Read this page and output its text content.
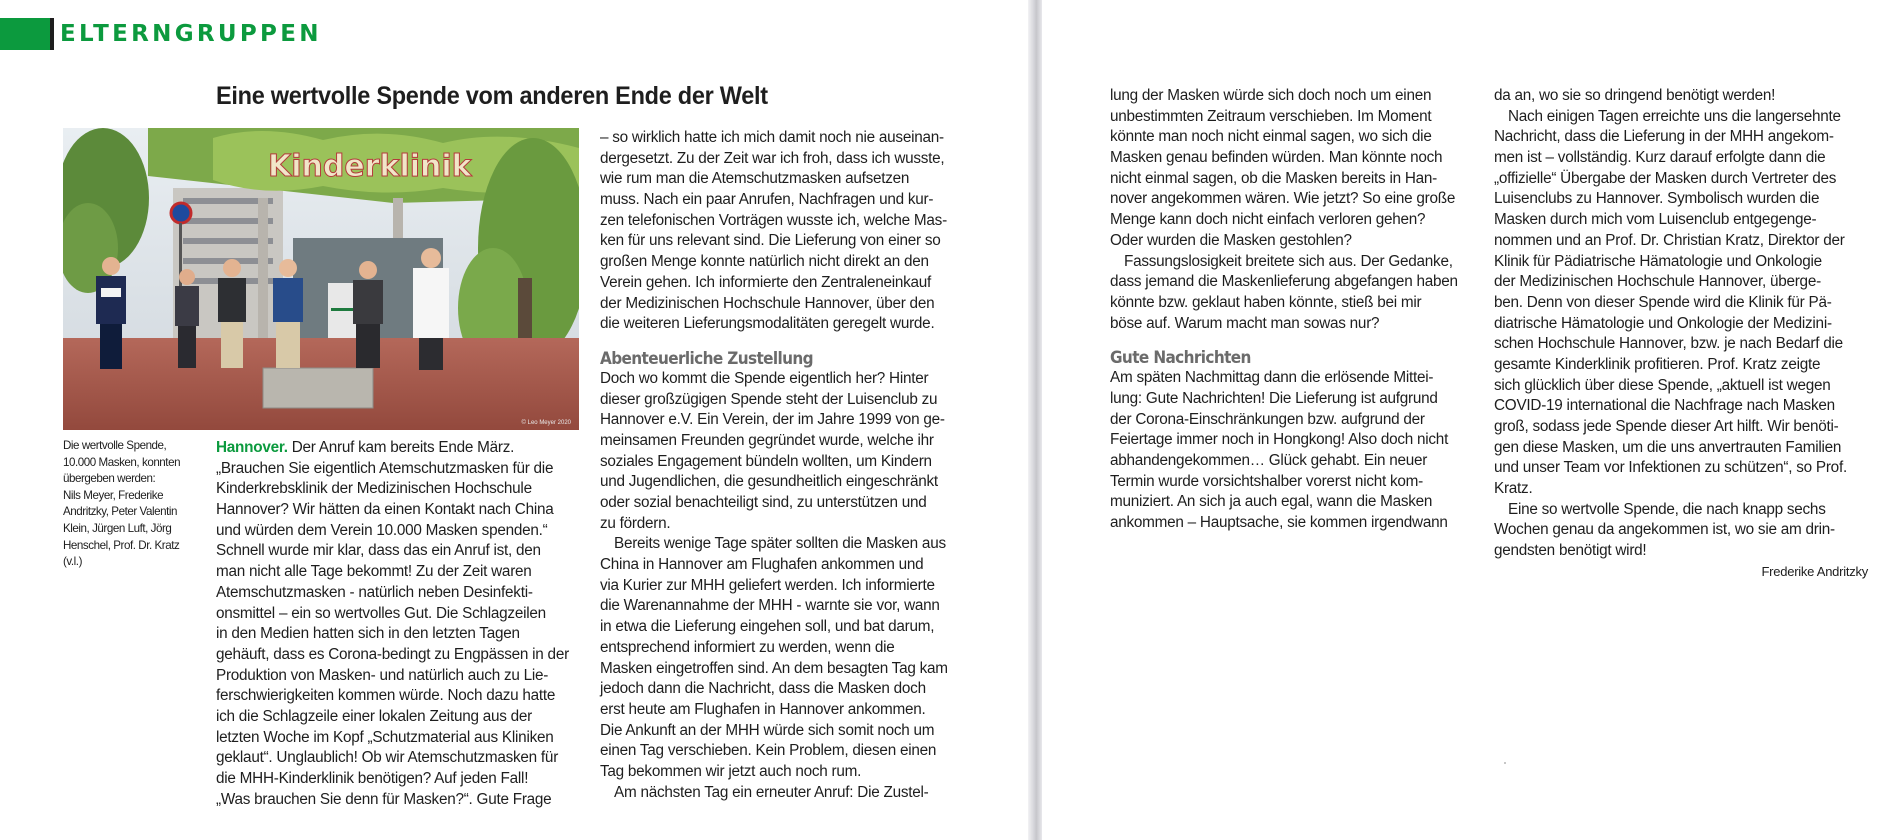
ELTERNGRUPPEN
Eine wertvolle Spende vom anderen Ende der Welt
Kinderklinik
© Leo Meyer 2020
Die wertvolle Spende,
10.000 Masken, konnten
übergeben werden:
Nils Meyer, Frederike
Andritzky, Peter Valentin
Klein, Jürgen Luft, Jörg
Henschel, Prof. Dr. Kratz
(v.l.)
Hannover. Der Anruf kam bereits Ende März.
„Brauchen Sie eigentlich Atemschutzmasken für die
Kinderkrebsklinik der Medizinischen Hochschule
Hannover? Wir hätten da einen Kontakt nach China
und würden dem Verein 10.000 Masken spenden.“
Schnell wurde mir klar, dass das ein Anruf ist, den
man nicht alle Tage bekommt! Zu der Zeit waren
Atemschutzmasken - natürlich neben Desinfekti-
onsmittel – ein so wertvolles Gut. Die Schlagzeilen
in den Medien hatten sich in den letzten Tagen
gehäuft, dass es Corona-bedingt zu Engpässen in der
Produktion von Masken- und natürlich auch zu Lie-
ferschwierigkeiten kommen würde. Noch dazu hatte
ich die Schlagzeile einer lokalen Zeitung aus der
letzten Woche im Kopf „Schutzmaterial aus Kliniken
geklaut“. Unglaublich! Ob wir Atemschutzmasken für
die MHH-Kinderklinik benötigen? Auf jeden Fall!
„Was brauchen Sie denn für Masken?“. Gute Frage
– so wirklich hatte ich mich damit noch nie auseinan-
dergesetzt. Zu der Zeit war ich froh, dass ich wusste,
wie rum man die Atemschutzmasken aufsetzen
muss. Nach ein paar Anrufen, Nachfragen und kur-
zen telefonischen Vorträgen wusste ich, welche Mas-
ken für uns relevant sind. Die Lieferung von einer so
großen Menge konnte natürlich nicht direkt an den
Verein gehen. Ich informierte den Zentraleneinkauf
der Medizinischen Hochschule Hannover, über den
die weiteren Lieferungsmodalitäten geregelt wurde.
Abenteuerliche Zustellung
Doch wo kommt die Spende eigentlich her? Hinter
dieser großzügigen Spende steht der Luisenclub zu
Hannover e.V. Ein Verein, der im Jahre 1999 von ge-
meinsamen Freunden gegründet wurde, welche ihr
soziales Engagement bündeln wollten, um Kindern
und Jugendlichen, die gesundheitlich eingeschränkt
oder sozial benachteiligt sind, zu unterstützen und
zu fördern.
Bereits wenige Tage später sollten die Masken aus
China in Hannover am Flughafen ankommen und
via Kurier zur MHH geliefert werden. Ich informierte
die Warenannahme der MHH - warnte sie vor, wann
in etwa die Lieferung eingehen soll, und bat darum,
entsprechend informiert zu werden, wenn die
Masken eingetroffen sind. An dem besagten Tag kam
jedoch dann die Nachricht, dass die Masken doch
erst heute am Flughafen in Hannover ankommen.
Die Ankunft an der MHH würde sich somit noch um
einen Tag verschieben. Kein Problem, diesen einen
Tag bekommen wir jetzt auch noch rum.
Am nächsten Tag ein erneuter Anruf: Die Zustel-
lung der Masken würde sich doch noch um einen
unbestimmten Zeitraum verschieben. Im Moment
könnte man noch nicht einmal sagen, wo sich die
Masken genau befinden würden. Man könnte noch
nicht einmal sagen, ob die Masken bereits in Han-
nover angekommen wären. Wie jetzt? So eine große
Menge kann doch nicht einfach verloren gehen?
Oder wurden die Masken gestohlen?
Fassungslosigkeit breitete sich aus. Der Gedanke,
dass jemand die Maskenlieferung abgefangen haben
könnte bzw. geklaut haben könnte, stieß bei mir
böse auf. Warum macht man sowas nur?
Gute Nachrichten
Am späten Nachmittag dann die erlösende Mittei-
lung: Gute Nachrichten! Die Lieferung ist aufgrund
der Corona-Einschränkungen bzw. aufgrund der
Feiertage immer noch in Hongkong! Also doch nicht
abhandengekommen… Glück gehabt. Ein neuer
Termin wurde vorsichtshalber vorerst nicht kom-
muniziert. An sich ja auch egal, wann die Masken
ankommen – Hauptsache, sie kommen irgendwann
da an, wo sie so dringend benötigt werden!
Nach einigen Tagen erreichte uns die langersehnte
Nachricht, dass die Lieferung in der MHH angekom-
men ist – vollständig. Kurz darauf erfolgte dann die
„offizielle“ Übergabe der Masken durch Vertreter des
Luisenclubs zu Hannover. Symbolisch wurden die
Masken durch mich vom Luisenclub entgegenge-
nommen und an Prof. Dr. Christian Kratz, Direktor der
Klinik für Pädiatrische Hämatologie und Onkologie
der Medizinischen Hochschule Hannover, überge-
ben. Denn von dieser Spende wird die Klinik für Pä-
diatrische Hämatologie und Onkologie der Medizini-
schen Hochschule Hannover, bzw. je nach Bedarf die
gesamte Kinderklinik profitieren. Prof. Kratz zeigte
sich glücklich über diese Spende, „aktuell ist wegen
COVID-19 international die Nachfrage nach Masken
groß, sodass jede Spende dieser Art hilft. Wir benöti-
gen diese Masken, um die uns anvertrauten Familien
und unser Team vor Infektionen zu schützen“, so Prof.
Kratz.
Eine so wertvolle Spende, die nach knapp sechs
Wochen genau da angekommen ist, wo sie am drin-
gendsten benötigt wird!
Frederike Andritzky
